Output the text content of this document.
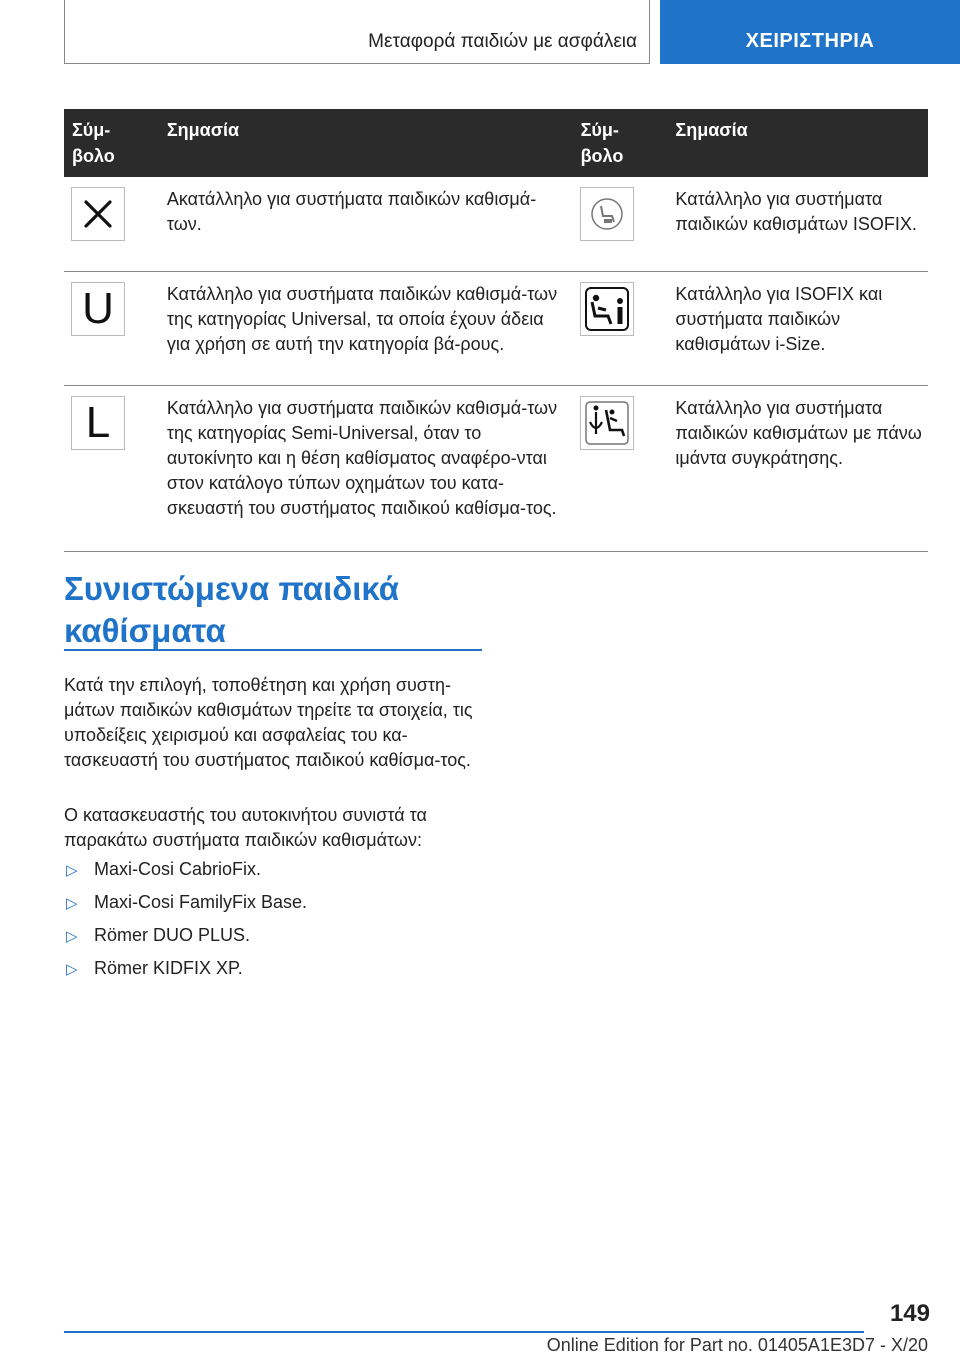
Μεταφορά παιδιών με ασφάλεια	ΧΕΙΡΙΣΤΗΡΙΑ
Σύμ-βολο	Σημασία	Σύμ-βολο	Σημασία

	Ακατάλληλο για συστήματα παιδικών καθισμά-των.		Κατάλληλο για συστήματα παιδικών καθισμάτων ISOFIX.

U	Κατάλληλο για συστήματα παιδικών καθισμά-των της κατηγορίας Universal, τα οποία έχουν άδεια για χρήση σε αυτή την κατηγορία βά-ρους.		Κατάλληλο για ISOFIX και συστήματα παιδικών καθισμάτων i-Size.

L	Κατάλληλο για συστήματα παιδικών καθισμά-των της κατηγορίας Semi-Universal, όταν το αυτοκίνητο και η θέση καθίσματος αναφέρο-νται στον κατάλογο τύπων οχημάτων του κατα-σκευαστή του συστήματος παιδικού καθίσμα-τος.		Κατάλληλο για συστήματα παιδικών καθισμάτων με πάνω ιμάντα συγκράτησης.
Συνιστώμενα παιδικά καθίσματα

Κατά την επιλογή, τοποθέτηση και χρήση συστη-μάτων παιδικών καθισμάτων τηρείτε τα στοιχεία, τις υποδείξεις χειρισμού και ασφαλείας του κα-τασκευαστή του συστήματος παιδικού καθίσμα-τος.

Ο κατασκευαστής του αυτοκινήτου συνιστά τα παρακάτω συστήματα παιδικών καθισμάτων:

▷ Maxi-Cosi CabrioFix.
▷ Maxi-Cosi FamilyFix Base.
▷ Römer DUO PLUS.
▷ Römer KIDFIX XP.
149
Online Edition for Part no. 01405A1E3D7 - X/20
